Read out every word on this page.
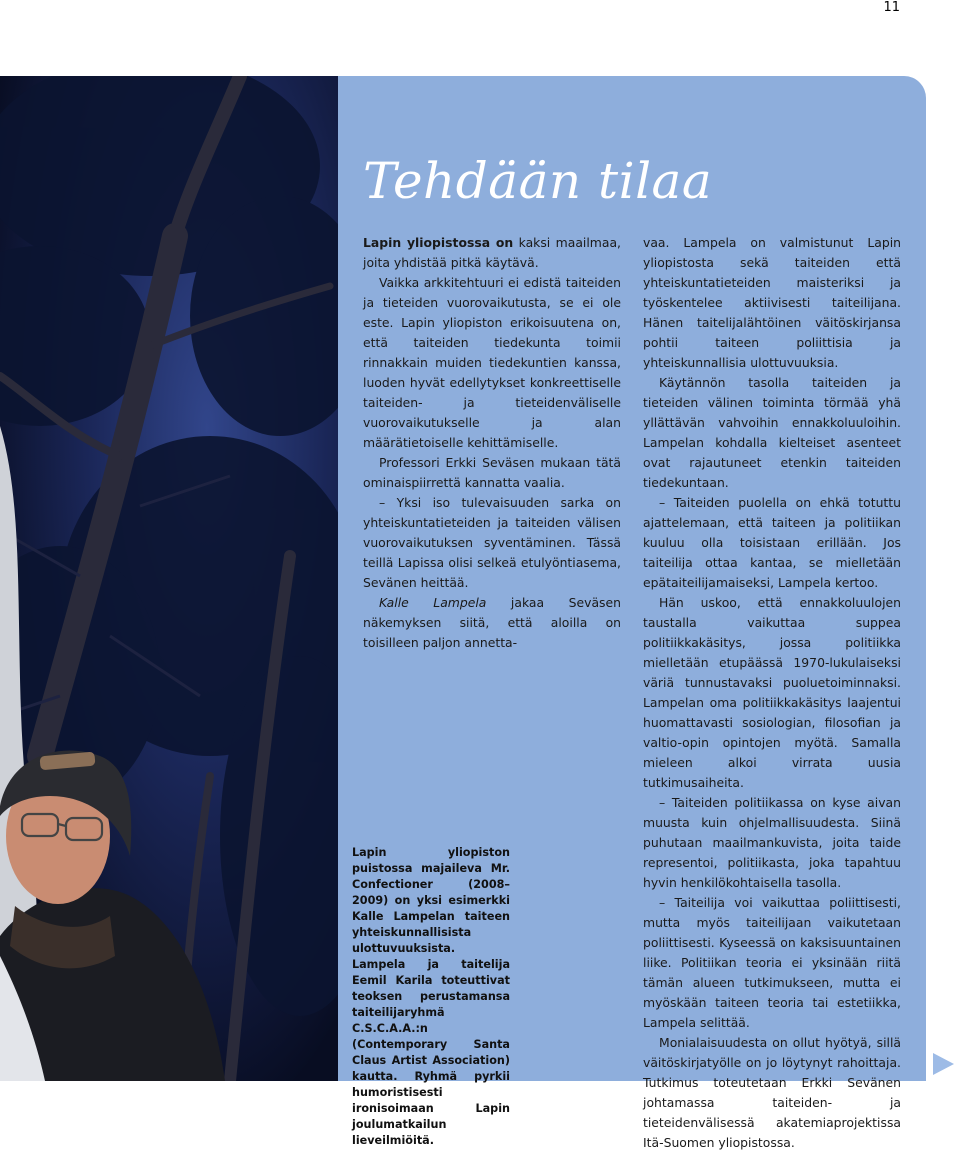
11
Tehdään tilaa

Lapin yliopistossa on kaksi maailmaa, joita yhdistää pitkä käytävä.

Vaikka arkkitehtuuri ei edistä taiteiden ja tieteiden vuorovaikutusta, se ei ole este. Lapin yliopiston erikoisuutena on, että taiteiden tiedekunta toimii rinnakkain muiden tiedekuntien kanssa, luoden hyvät edellytykset konkreettiselle taiteiden- ja tieteidenväliselle vuorovaikutukselle ja alan määrätietoiselle kehittämiselle.

Professori Erkki Seväsen mukaan tätä ominaispiirrettä kannatta vaalia.

– Yksi iso tulevaisuuden sarka on yhteiskuntatieteiden ja taiteiden välisen vuorovaikutuksen syventäminen. Tässä teillä Lapissa olisi selkeä etulyöntiasema, Sevänen heittää.

Kalle Lampela jakaa Seväsen näkemyksen siitä, että aloilla on toisilleen paljon annetta-

vaa. Lampela on valmistunut Lapin yliopistosta sekä taiteiden että yhteiskuntatieteiden maisteriksi ja työskentelee aktiivisesti taiteilijana. Hänen taitelijalähtöinen väitöskirjansa pohtii taiteen poliittisia ja yhteiskunnallisia ulottuvuuksia.

Käytännön tasolla taiteiden ja tieteiden välinen toiminta törmää yhä yllättävän vahvoihin ennakkoluuloihin. Lampelan kohdalla kielteiset asenteet ovat rajautuneet etenkin taiteiden tiedekuntaan.

– Taiteiden puolella on ehkä totuttu ajattelemaan, että taiteen ja politiikan kuuluu olla toisistaan erillään. Jos taiteilija ottaa kantaa, se mielletään epätaiteilijamaiseksi, Lampela kertoo.

Hän uskoo, että ennakkoluulojen taustalla vaikuttaa suppea politiikkakäsitys, jossa politiikka mielletään etupäässä 1970-lukulaiseksi väriä tunnustavaksi puoluetoiminnaksi. Lampelan oma politiikkakäsitys laajentui huomattavasti sosiologian, filosofian ja valtio-opin opintojen myötä. Samalla mieleen alkoi virrata uusia tutkimusaiheita.

– Taiteiden politiikassa on kyse aivan muusta kuin ohjelmallisuudesta. Siinä puhutaan maailmankuvista, joita taide representoi, politiikasta, joka tapahtuu hyvin henkilökohtaisella tasolla.

– Taiteilija voi vaikuttaa poliittisesti, mutta myös taiteilijaan vaikutetaan poliittisesti. Kyseessä on kaksisuuntainen liike. Politiikan teoria ei yksinään riitä tämän alueen tutkimukseen, mutta ei myöskään taiteen teoria tai estetiikka, Lampela selittää.

Monialaisuudesta on ollut hyötyä, sillä väitöskirjatyölle on jo löytynyt rahoittaja. Tutkimus toteutetaan Erkki Sevänen johtamassa taiteiden- ja tieteidenvälisessä akatemiaprojektissa Itä-Suomen yliopistossa.

Lapin yliopiston puistossa majaileva Mr. Confectioner (2008–2009) on yksi esimerkki Kalle Lampelan taiteen yhteiskunnallisista ulottuvuuksista. Lampela ja taitelija Eemil Karila toteuttivat teoksen perustamansa taiteilijaryhmä C.S.C.A.A.:n (Contemporary Santa Claus Artist Association) kautta. Ryhmä pyrkii humoristisesti ironisoimaan Lapin joulumatkailun lieveilmiöitä.
